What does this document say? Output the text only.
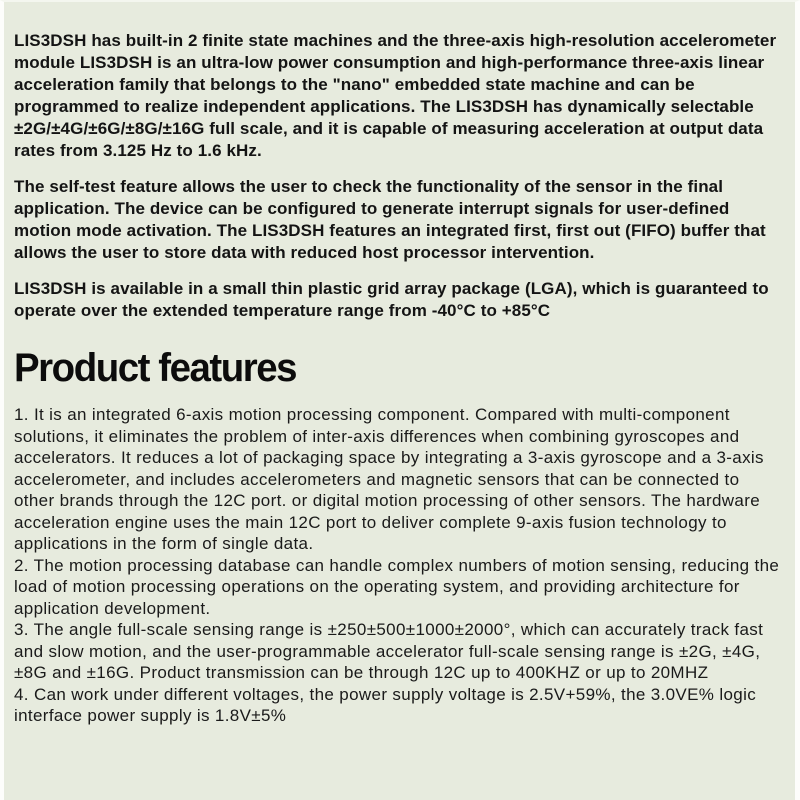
LIS3DSH has built-in 2 finite state machines and the three-axis high-resolution accelerometer module LIS3DSH is an ultra-low power consumption and high-performance three-axis linear acceleration family that belongs to the "nano" embedded state machine and can be programmed to realize independent applications. The LIS3DSH has dynamically selectable ±2G/±4G/±6G/±8G/±16G full scale, and it is capable of measuring acceleration at output data rates from 3.125 Hz to 1.6 kHz.

The self-test feature allows the user to check the functionality of the sensor in the final application. The device can be configured to generate interrupt signals for user-defined motion mode activation. The LIS3DSH features an integrated first, first out (FIFO) buffer that allows the user to store data with reduced host processor intervention.

LIS3DSH is available in a small thin plastic grid array package (LGA), which is guaranteed to operate over the extended temperature range from -40°C to +85°C

Product features
1. It is an integrated 6-axis motion processing component. Compared with multi-component solutions, it eliminates the problem of inter-axis differences when combining gyroscopes and accelerators. It reduces a lot of packaging space by integrating a 3-axis gyroscope and a 3-axis accelerometer, and includes accelerometers and magnetic sensors that can be connected to other brands through the 12C port. or digital motion processing of other sensors. The hardware acceleration engine uses the main 12C port to deliver complete 9-axis fusion technology to applications in the form of single data.
2. The motion processing database can handle complex numbers of motion sensing, reducing the load of motion processing operations on the operating system, and providing architecture for application development.
3. The angle full-scale sensing range is ±250±500±1000±2000°, which can accurately track fast and slow motion, and the user-programmable accelerator full-scale sensing range is ±2G, ±4G, ±8G and ±16G. Product transmission can be through 12C up to 400KHZ or up to 20MHZ
4. Can work under different voltages, the power supply voltage is 2.5V+59%, the 3.0VE% logic interface power supply is 1.8V±5%
